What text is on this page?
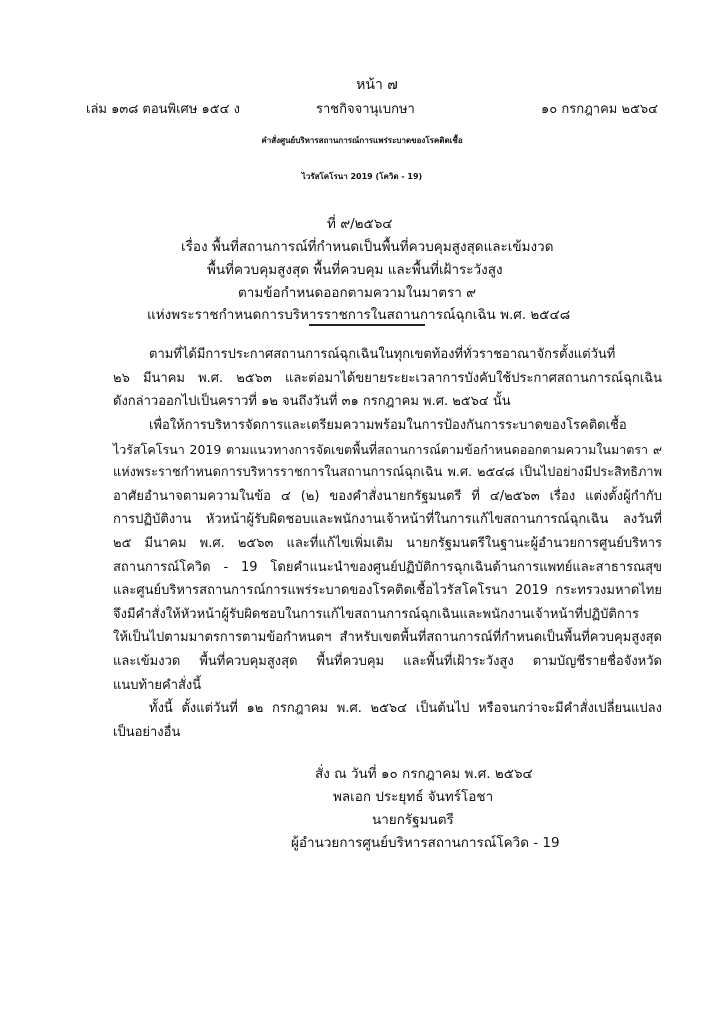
หน้า ๗
เล่ม ๑๓๘ ตอนพิเศษ ๑๕๔ ง	ราชกิจจานุเบกษา	๑๐ กรกฎาคม ๒๕๖๔
คำสั่งศูนย์บริหารสถานการณ์การแพร่ระบาดของโรคติดเชื้อ
ไวรัสโคโรนา 2019 (โควิด - 19)
ที่ ๙/๒๕๖๔
เรื่อง พื้นที่สถานการณ์ที่กำหนดเป็นพื้นที่ควบคุมสูงสุดและเข้มงวด
พื้นที่ควบคุมสูงสุด พื้นที่ควบคุม และพื้นที่เฝ้าระวังสูง
ตามข้อกำหนดออกตามความในมาตรา ๙
แห่งพระราชกำหนดการบริหารราชการในสถานการณ์ฉุกเฉิน พ.ศ. ๒๕๔๘
ตามที่ได้มีการประกาศสถานการณ์ฉุกเฉินในทุกเขตท้องที่ทั่วราชอาณาจักรตั้งแต่วันที่
๒๖ มีนาคม พ.ศ. ๒๕๖๓ และต่อมาได้ขยายระยะเวลาการบังคับใช้ประกาศสถานการณ์ฉุกเฉิน
ดังกล่าวออกไปเป็นคราวที่ ๑๒ จนถึงวันที่ ๓๑ กรกฎาคม พ.ศ. ๒๕๖๔ นั้น
เพื่อให้การบริหารจัดการและเตรียมความพร้อมในการป้องกันการระบาดของโรคติดเชื้อ
ไวรัสโคโรนา 2019 ตามแนวทางการจัดเขตพื้นที่สถานการณ์ตามข้อกำหนดออกตามความในมาตรา ๙
แห่งพระราชกำหนดการบริหารราชการในสถานการณ์ฉุกเฉิน พ.ศ. ๒๕๔๘ เป็นไปอย่างมีประสิทธิภาพ
อาศัยอำนาจตามความในข้อ ๔ (๒) ของคำสั่งนายกรัฐมนตรี ที่ ๔/๒๕๖๓ เรื่อง แต่งตั้งผู้กำกับ
การปฏิบัติงาน หัวหน้าผู้รับผิดชอบและพนักงานเจ้าหน้าที่ในการแก้ไขสถานการณ์ฉุกเฉิน ลงวันที่
๒๕ มีนาคม พ.ศ. ๒๕๖๓ และที่แก้ไขเพิ่มเติม นายกรัฐมนตรีในฐานะผู้อำนวยการศูนย์บริหาร
สถานการณ์โควิด - 19 โดยคำแนะนำของศูนย์ปฏิบัติการฉุกเฉินด้านการแพทย์และสาธารณสุข
และศูนย์บริหารสถานการณ์การแพร่ระบาดของโรคติดเชื้อไวรัสโคโรนา 2019 กระทรวงมหาดไทย
จึงมีคำสั่งให้หัวหน้าผู้รับผิดชอบในการแก้ไขสถานการณ์ฉุกเฉินและพนักงานเจ้าหน้าที่ปฏิบัติการ
ให้เป็นไปตามมาตรการตามข้อกำหนดฯ สำหรับเขตพื้นที่สถานการณ์ที่กำหนดเป็นพื้นที่ควบคุมสูงสุด
และเข้มงวด พื้นที่ควบคุมสูงสุด พื้นที่ควบคุม และพื้นที่เฝ้าระวังสูง ตามบัญชีรายชื่อจังหวัด
แนบท้ายคำสั่งนี้
ทั้งนี้ ตั้งแต่วันที่ ๑๒ กรกฎาคม พ.ศ. ๒๕๖๔ เป็นต้นไป หรือจนกว่าจะมีคำสั่งเปลี่ยนแปลง
เป็นอย่างอื่น
สั่ง ณ วันที่ ๑๐ กรกฎาคม พ.ศ. ๒๕๖๔
พลเอก ประยุทธ์ จันทร์โอชา
นายกรัฐมนตรี
ผู้อำนวยการศูนย์บริหารสถานการณ์โควิด - 19
